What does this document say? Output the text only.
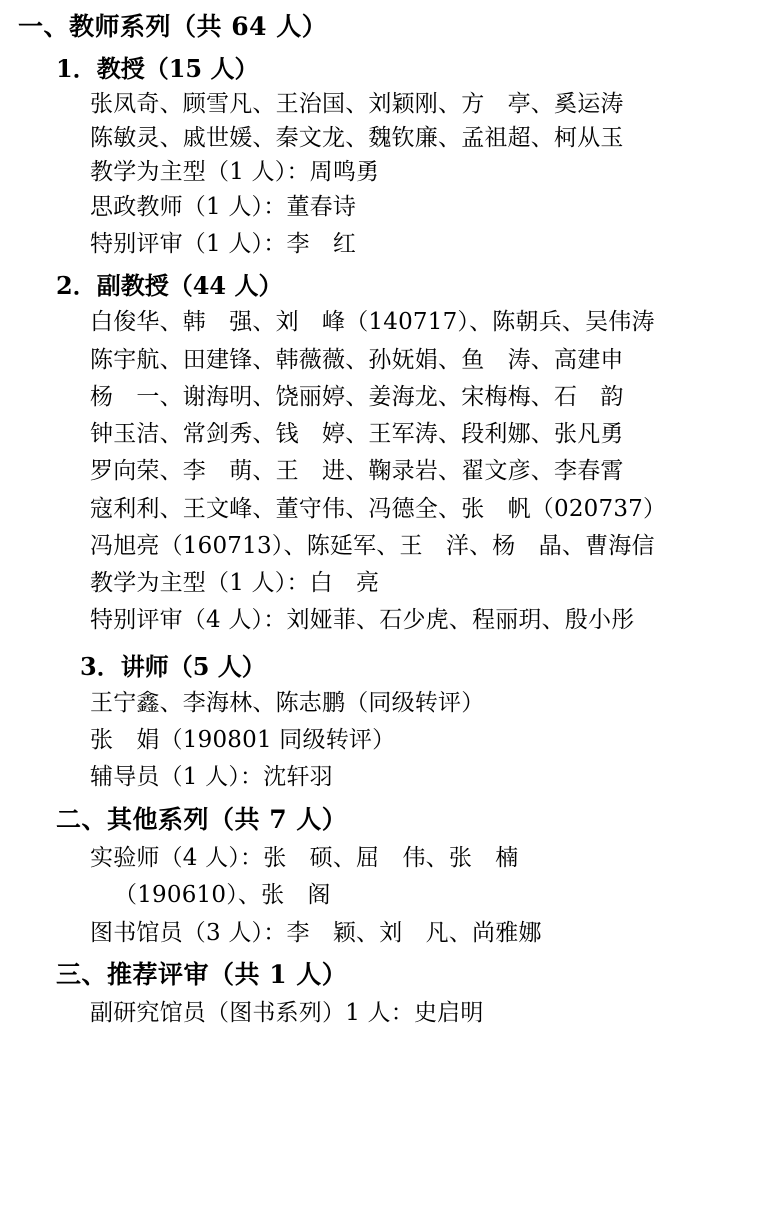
一、教师系列（共 64 人）
1．教授（15 人）
张凤奇、顾雪凡、王治国、刘颖刚、方　亭、奚运涛
陈敏灵、戚世媛、秦文龙、魏钦廉、孟祖超、柯从玉
教学为主型（1 人）：周鸣勇
思政教师（1 人）：董春诗
特别评审（1 人）：李　红
2．副教授（44 人）
白俊华、韩　强、刘　峰（140717）、陈朝兵、吴伟涛
陈宇航、田建锋、韩薇薇、孙妩娟、鱼　涛、高建申
杨　一、谢海明、饶丽婷、姜海龙、宋梅梅、石　韵
钟玉洁、常剑秀、钱　婷、王军涛、段利娜、张凡勇
罗向荣、李　萌、王　进、鞠录岩、翟文彦、李春霄
寇利利、王文峰、董守伟、冯德全、张　帆（020737）
冯旭亮（160713）、陈延军、王　洋、杨　晶、曹海信
教学为主型（1 人）：白　亮
特别评审（4 人）：刘娅菲、石少虎、程丽玥、殷小彤
3．讲师（5 人）
王宁鑫、李海林、陈志鹏（同级转评）
张　娟（190801 同级转评）
辅导员（1 人）：沈轩羽
二、其他系列（共 7 人）
实验师（4 人）：张　硕、屈　伟、张　楠
（190610）、张　阁
图书馆员（3 人）：李　颖、刘　凡、尚雅娜
三、推荐评审（共 1 人）
副研究馆员（图书系列）1 人：史启明
